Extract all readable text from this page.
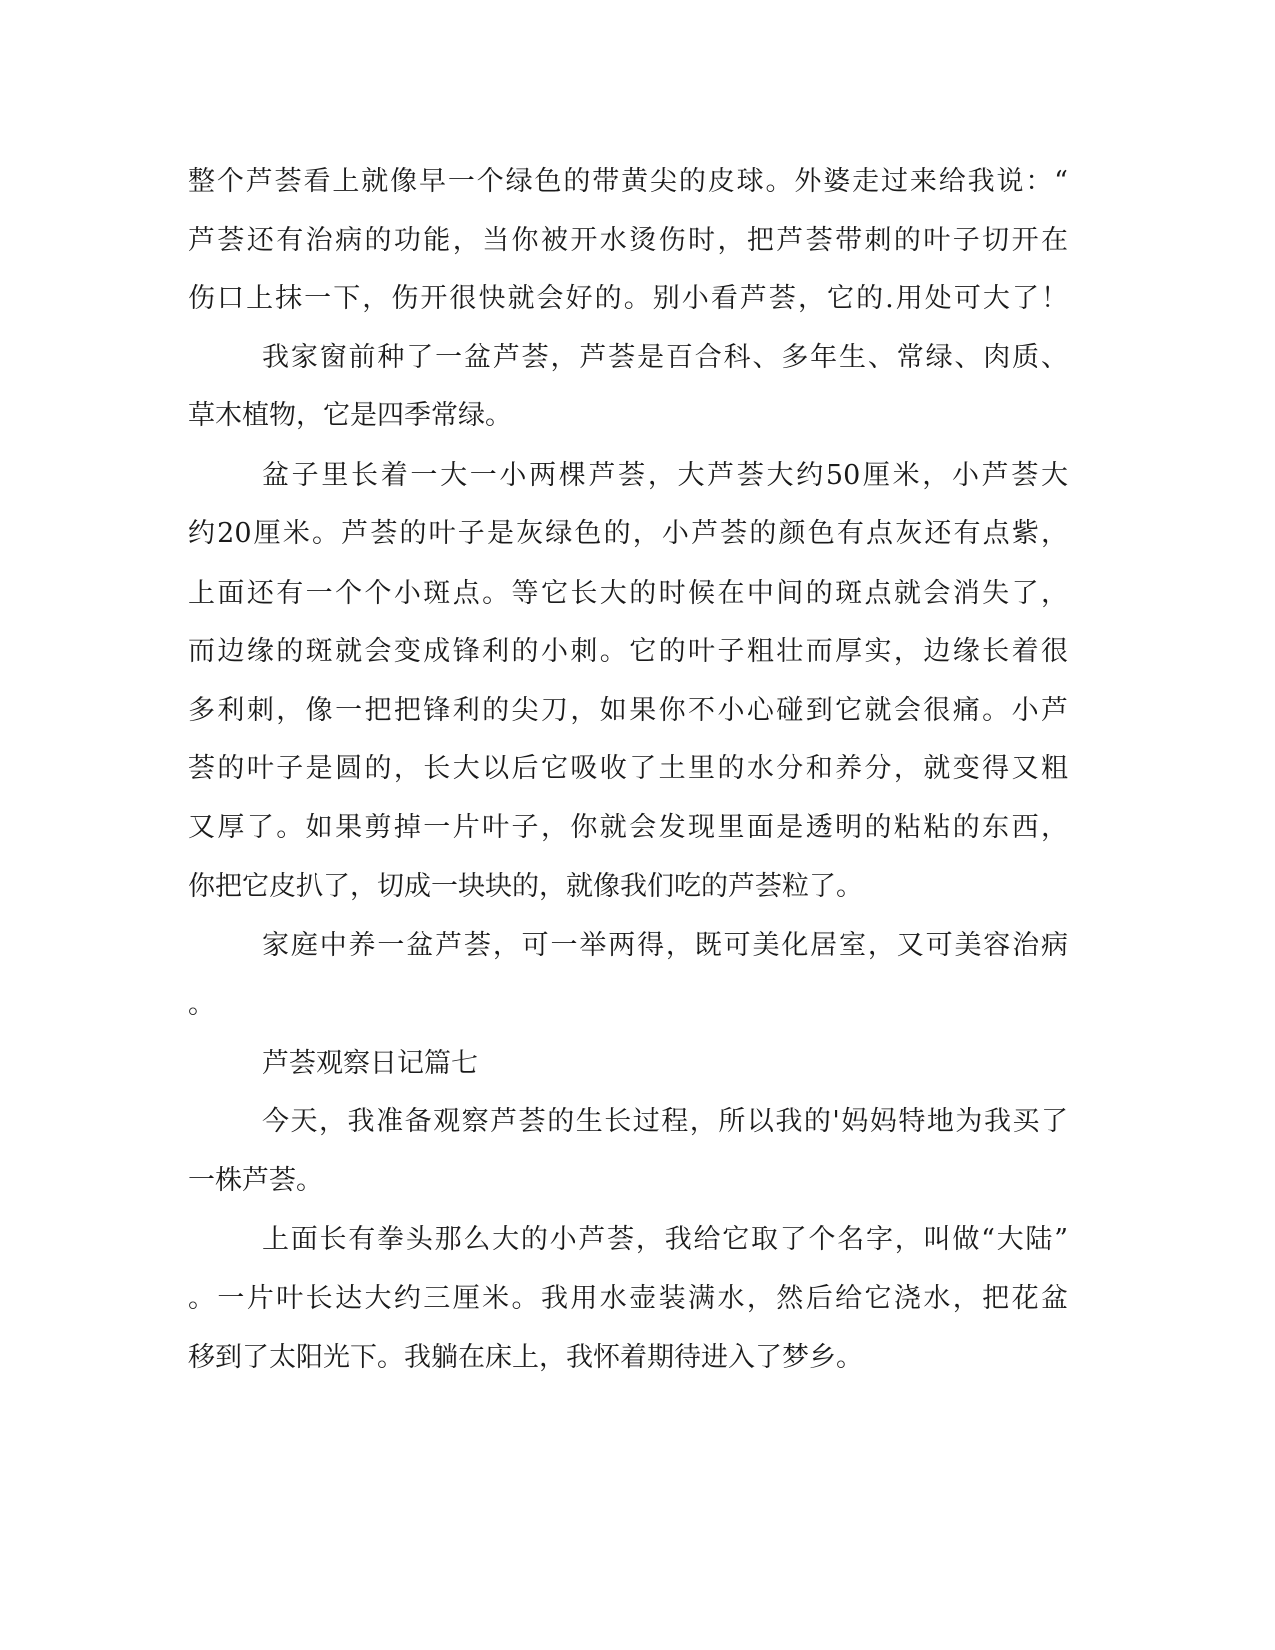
整个芦荟看上就像早一个绿色的带黄尖的皮球。外婆走过来给我说：“

芦荟还有治病的功能，当你被开水烫伤时，把芦荟带刺的叶子切开在

伤口上抹一下，伤开很快就会好的。别小看芦荟，它的.用处可大了！

我家窗前种了一盆芦荟，芦荟是百合科、多年生、常绿、肉质、

草木植物，它是四季常绿。

盆子里长着一大一小两棵芦荟，大芦荟大约50厘米，小芦荟大

约20厘米。芦荟的叶子是灰绿色的，小芦荟的颜色有点灰还有点紫，

上面还有一个个小斑点。等它长大的时候在中间的斑点就会消失了，

而边缘的斑就会变成锋利的小刺。它的叶子粗壮而厚实，边缘长着很

多利刺，像一把把锋利的尖刀，如果你不小心碰到它就会很痛。小芦

荟的叶子是圆的，长大以后它吸收了土里的水分和养分，就变得又粗

又厚了。如果剪掉一片叶子，你就会发现里面是透明的粘粘的东西，

你把它皮扒了，切成一块块的，就像我们吃的芦荟粒了。

家庭中养一盆芦荟，可一举两得，既可美化居室，又可美容治病

。

芦荟观察日记篇七

今天，我准备观察芦荟的生长过程，所以我的'妈妈特地为我买了

一株芦荟。

上面长有拳头那么大的小芦荟，我给它取了个名字，叫做“大陆”

。一片叶长达大约三厘米。我用水壶装满水，然后给它浇水，把花盆

移到了太阳光下。我躺在床上，我怀着期待进入了梦乡。
